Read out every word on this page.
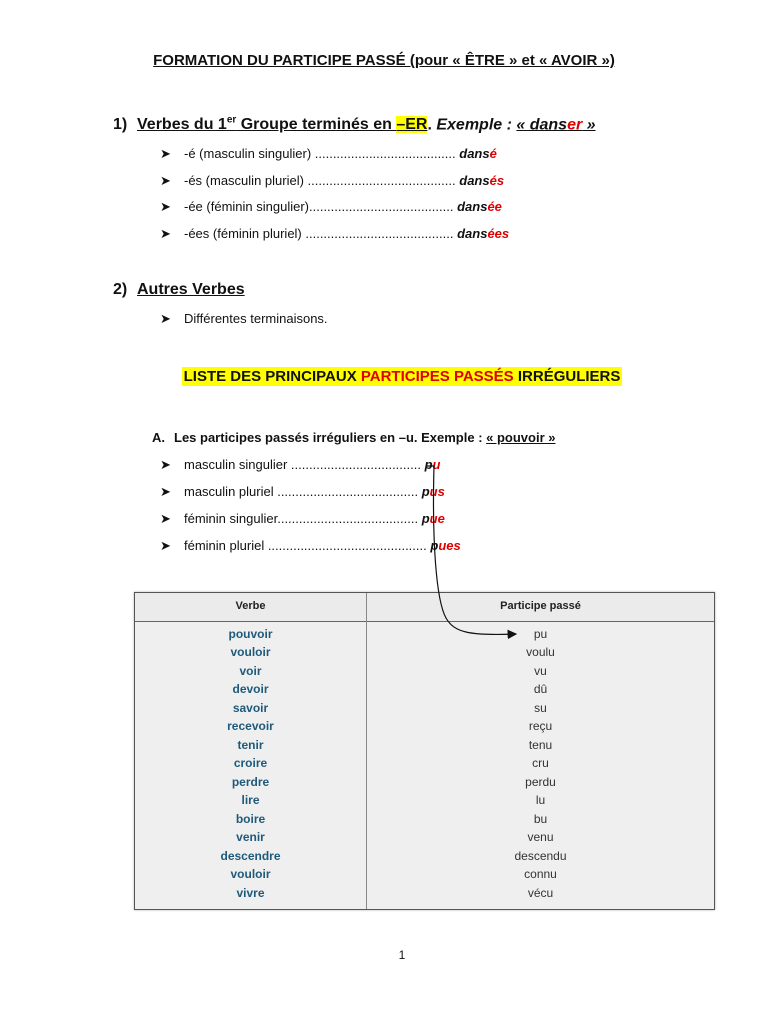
FORMATION DU PARTICIPE PASSÉ (pour « ÊTRE » et « AVOIR »)
1) Verbes du 1er Groupe terminés en –ER. Exemple : « danser »
➤ -é (masculin singulier) ....................................... dansé
➤ -és (masculin pluriel) ......................................... dansés
➤ -ée (féminin singulier)........................................ dansée
➤ -ées (féminin pluriel) ......................................... dansées
2) Autres Verbes
➤ Différentes terminaisons.
LISTE DES PRINCIPAUX PARTICIPES PASSÉS IRRÉGULIERS
A. Les participes passés irréguliers en –u. Exemple : « pouvoir »
➤ masculin singulier .................................... pu
➤ masculin pluriel ....................................... pus
➤ féminin singulier....................................... pue
➤ féminin pluriel ............................................ pues
Verbe	Participe passé
pouvoir	pu
vouloir	voulu
voir	vu
devoir	dû
savoir	su
recevoir	reçu
tenir	tenu
croire	cru
perdre	perdu
lire	lu
boire	bu
venir	venu
descendre	descendu
vouloir	connu
vivre	vécu
1
